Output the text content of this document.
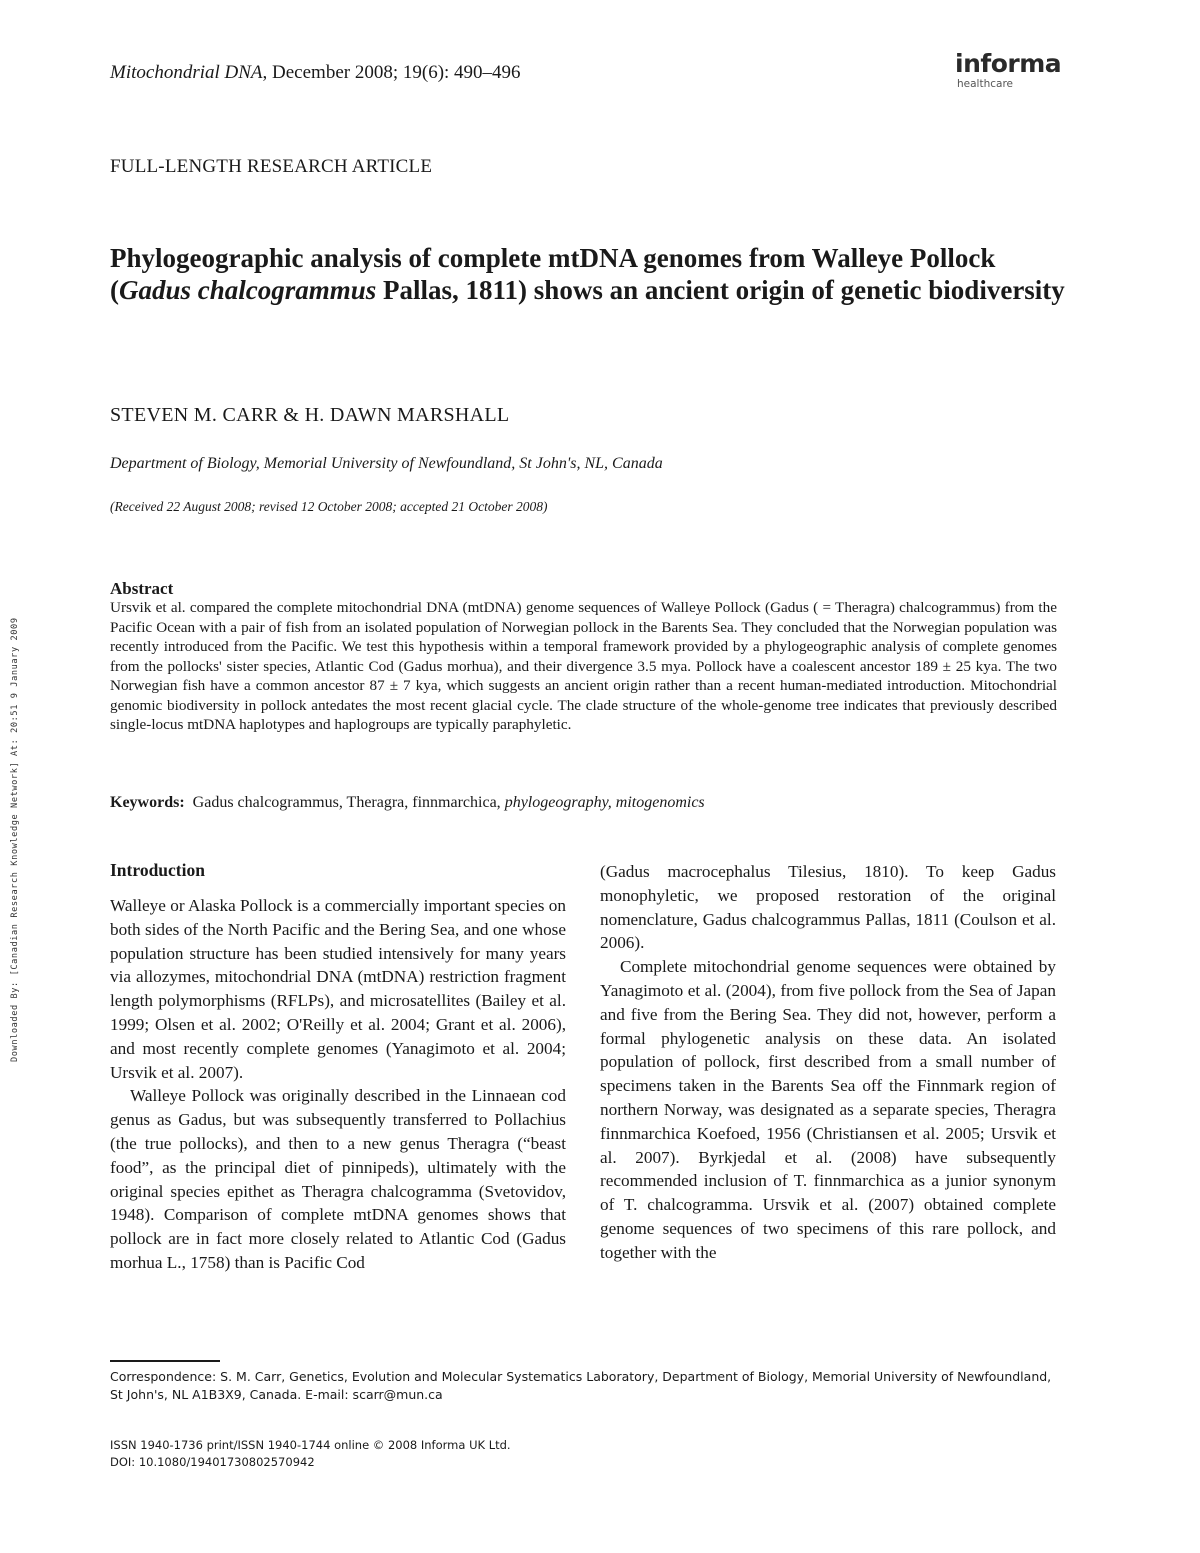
Mitochondrial DNA, December 2008; 19(6): 490–496	informa
healthcare
FULL-LENGTH RESEARCH ARTICLE
Phylogeographic analysis of complete mtDNA genomes from Walleye Pollock (Gadus chalcogrammus Pallas, 1811) shows an ancient origin of genetic biodiversity
STEVEN M. CARR & H. DAWN MARSHALL
Department of Biology, Memorial University of Newfoundland, St John's, NL, Canada
(Received 22 August 2008; revised 12 October 2008; accepted 21 October 2008)
Abstract
Ursvik et al. compared the complete mitochondrial DNA (mtDNA) genome sequences of Walleye Pollock (Gadus ( = Theragra) chalcogrammus) from the Pacific Ocean with a pair of fish from an isolated population of Norwegian pollock in the Barents Sea. They concluded that the Norwegian population was recently introduced from the Pacific. We test this hypothesis within a temporal framework provided by a phylogeographic analysis of complete genomes from the pollocks' sister species, Atlantic Cod (Gadus morhua), and their divergence 3.5 mya. Pollock have a coalescent ancestor 189 ± 25 kya. The two Norwegian fish have a common ancestor 87 ± 7 kya, which suggests an ancient origin rather than a recent human-mediated introduction. Mitochondrial genomic biodiversity in pollock antedates the most recent glacial cycle. The clade structure of the whole-genome tree indicates that previously described single-locus mtDNA haplotypes and haplogroups are typically paraphyletic.
Keywords: Gadus chalcogrammus, Theragra, finnmarchica, phylogeography, mitogenomics
Introduction

Walleye or Alaska Pollock is a commercially important species on both sides of the North Pacific and the Bering Sea, and one whose population structure has been studied intensively for many years via allozymes, mitochondrial DNA (mtDNA) restriction fragment length polymorphisms (RFLPs), and microsatellites (Bailey et al. 1999; Olsen et al. 2002; O'Reilly et al. 2004; Grant et al. 2006), and most recently complete genomes (Yanagimoto et al. 2004; Ursvik et al. 2007).

Walleye Pollock was originally described in the Linnaean cod genus as Gadus, but was subsequently transferred to Pollachius (the true pollocks), and then to a new genus Theragra (“beast food”, as the principal diet of pinnipeds), ultimately with the original species epithet as Theragra chalcogramma (Svetovidov, 1948). Comparison of complete mtDNA genomes shows that pollock are in fact more closely related to Atlantic Cod (Gadus morhua L., 1758) than is Pacific Cod

(Gadus macrocephalus Tilesius, 1810). To keep Gadus monophyletic, we proposed restoration of the original nomenclature, Gadus chalcogrammus Pallas, 1811 (Coulson et al. 2006).

Complete mitochondrial genome sequences were obtained by Yanagimoto et al. (2004), from five pollock from the Sea of Japan and five from the Bering Sea. They did not, however, perform a formal phylogenetic analysis on these data. An isolated population of pollock, first described from a small number of specimens taken in the Barents Sea off the Finnmark region of northern Norway, was designated as a separate species, Theragra finnmarchica Koefoed, 1956 (Christiansen et al. 2005; Ursvik et al. 2007). Byrkjedal et al. (2008) have subsequently recommended inclusion of T. finnmarchica as a junior synonym of T. chalcogramma. Ursvik et al. (2007) obtained complete genome sequences of two specimens of this rare pollock, and together with the

Correspondence: S. M. Carr, Genetics, Evolution and Molecular Systematics Laboratory, Department of Biology, Memorial University of Newfoundland, St John's, NL A1B3X9, Canada. E-mail: scarr@mun.ca
ISSN 1940-1736 print/ISSN 1940-1744 online © 2008 Informa UK Ltd.
DOI: 10.1080/19401730802570942
Downloaded By: [Canadian Research Knowledge Network] At: 20:51 9 January 2009
